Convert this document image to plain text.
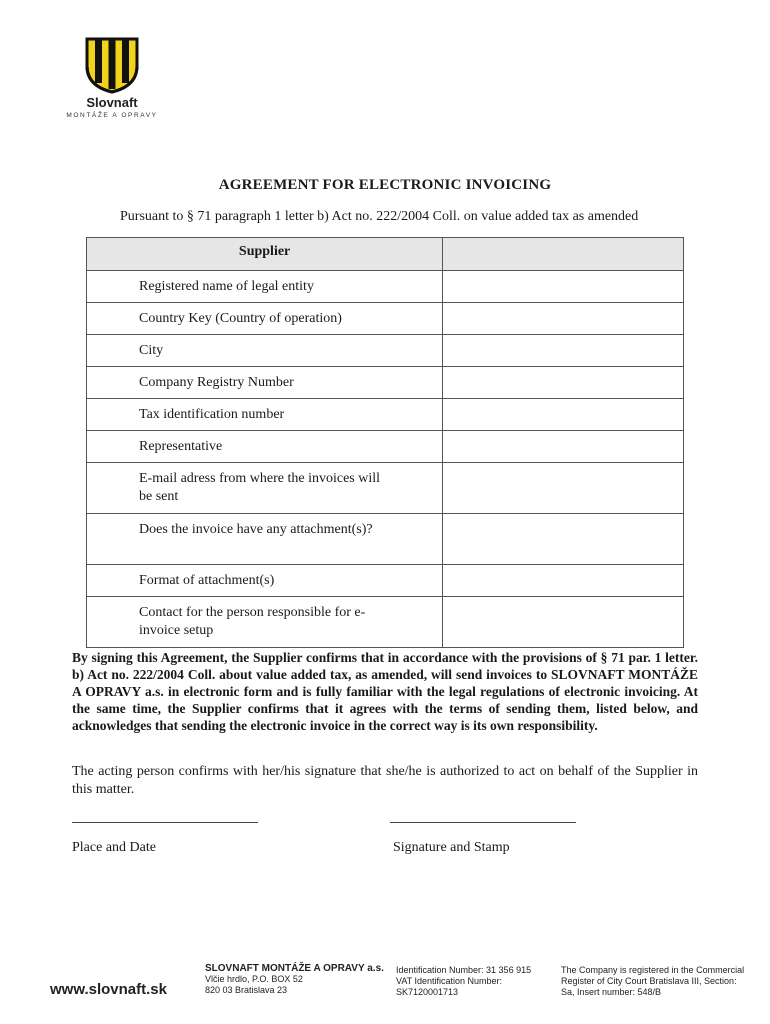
Slovnaft
MONTÁŽE A OPRAVY
AGREEMENT FOR ELECTRONIC INVOICING
Pursuant to § 71 paragraph 1 letter b) Act no. 222/2004 Coll. on value added tax as amended
Supplier	
Registered name of legal entity	
Country Key (Country of operation)	
City	
Company Registry Number	
Tax identification number	
Representative	
E-mail adress from where the invoices will be sent	

Does the invoice have any attachment(s)?	

Format of attachment(s)	
Contact for the person responsible for e-invoice setup	
By signing this Agreement, the Supplier confirms that in accordance with the provisions of § 71 par. 1 letter. b) Act no. 222/2004 Coll. about value added tax, as amended, will send invoices to SLOVNAFT MONTÁŽE A OPRAVY a.s. in electronic form and is fully familiar with the legal regulations of electronic invoicing. At the same time, the Supplier confirms that it agrees with the terms of sending them, listed below, and acknowledges that sending the electronic invoice in the correct way is its own responsibility.
The acting person confirms with her/his signature that she/he is authorized to act on behalf of the Supplier in this matter.
Place and Date	Signature and Stamp
www.slovnaft.sk
SLOVNAFT MONTÁŽE A OPRAVY a.s.
Vlčie hrdlo, P.O. BOX 52
820 03 Bratislava 23
Identification Number: 31 356 915
VAT Identification Number:
SK7120001713
The Company is registered in the Commercial
Register of City Court Bratislava III, Section:
Sa, Insert number: 548/B
